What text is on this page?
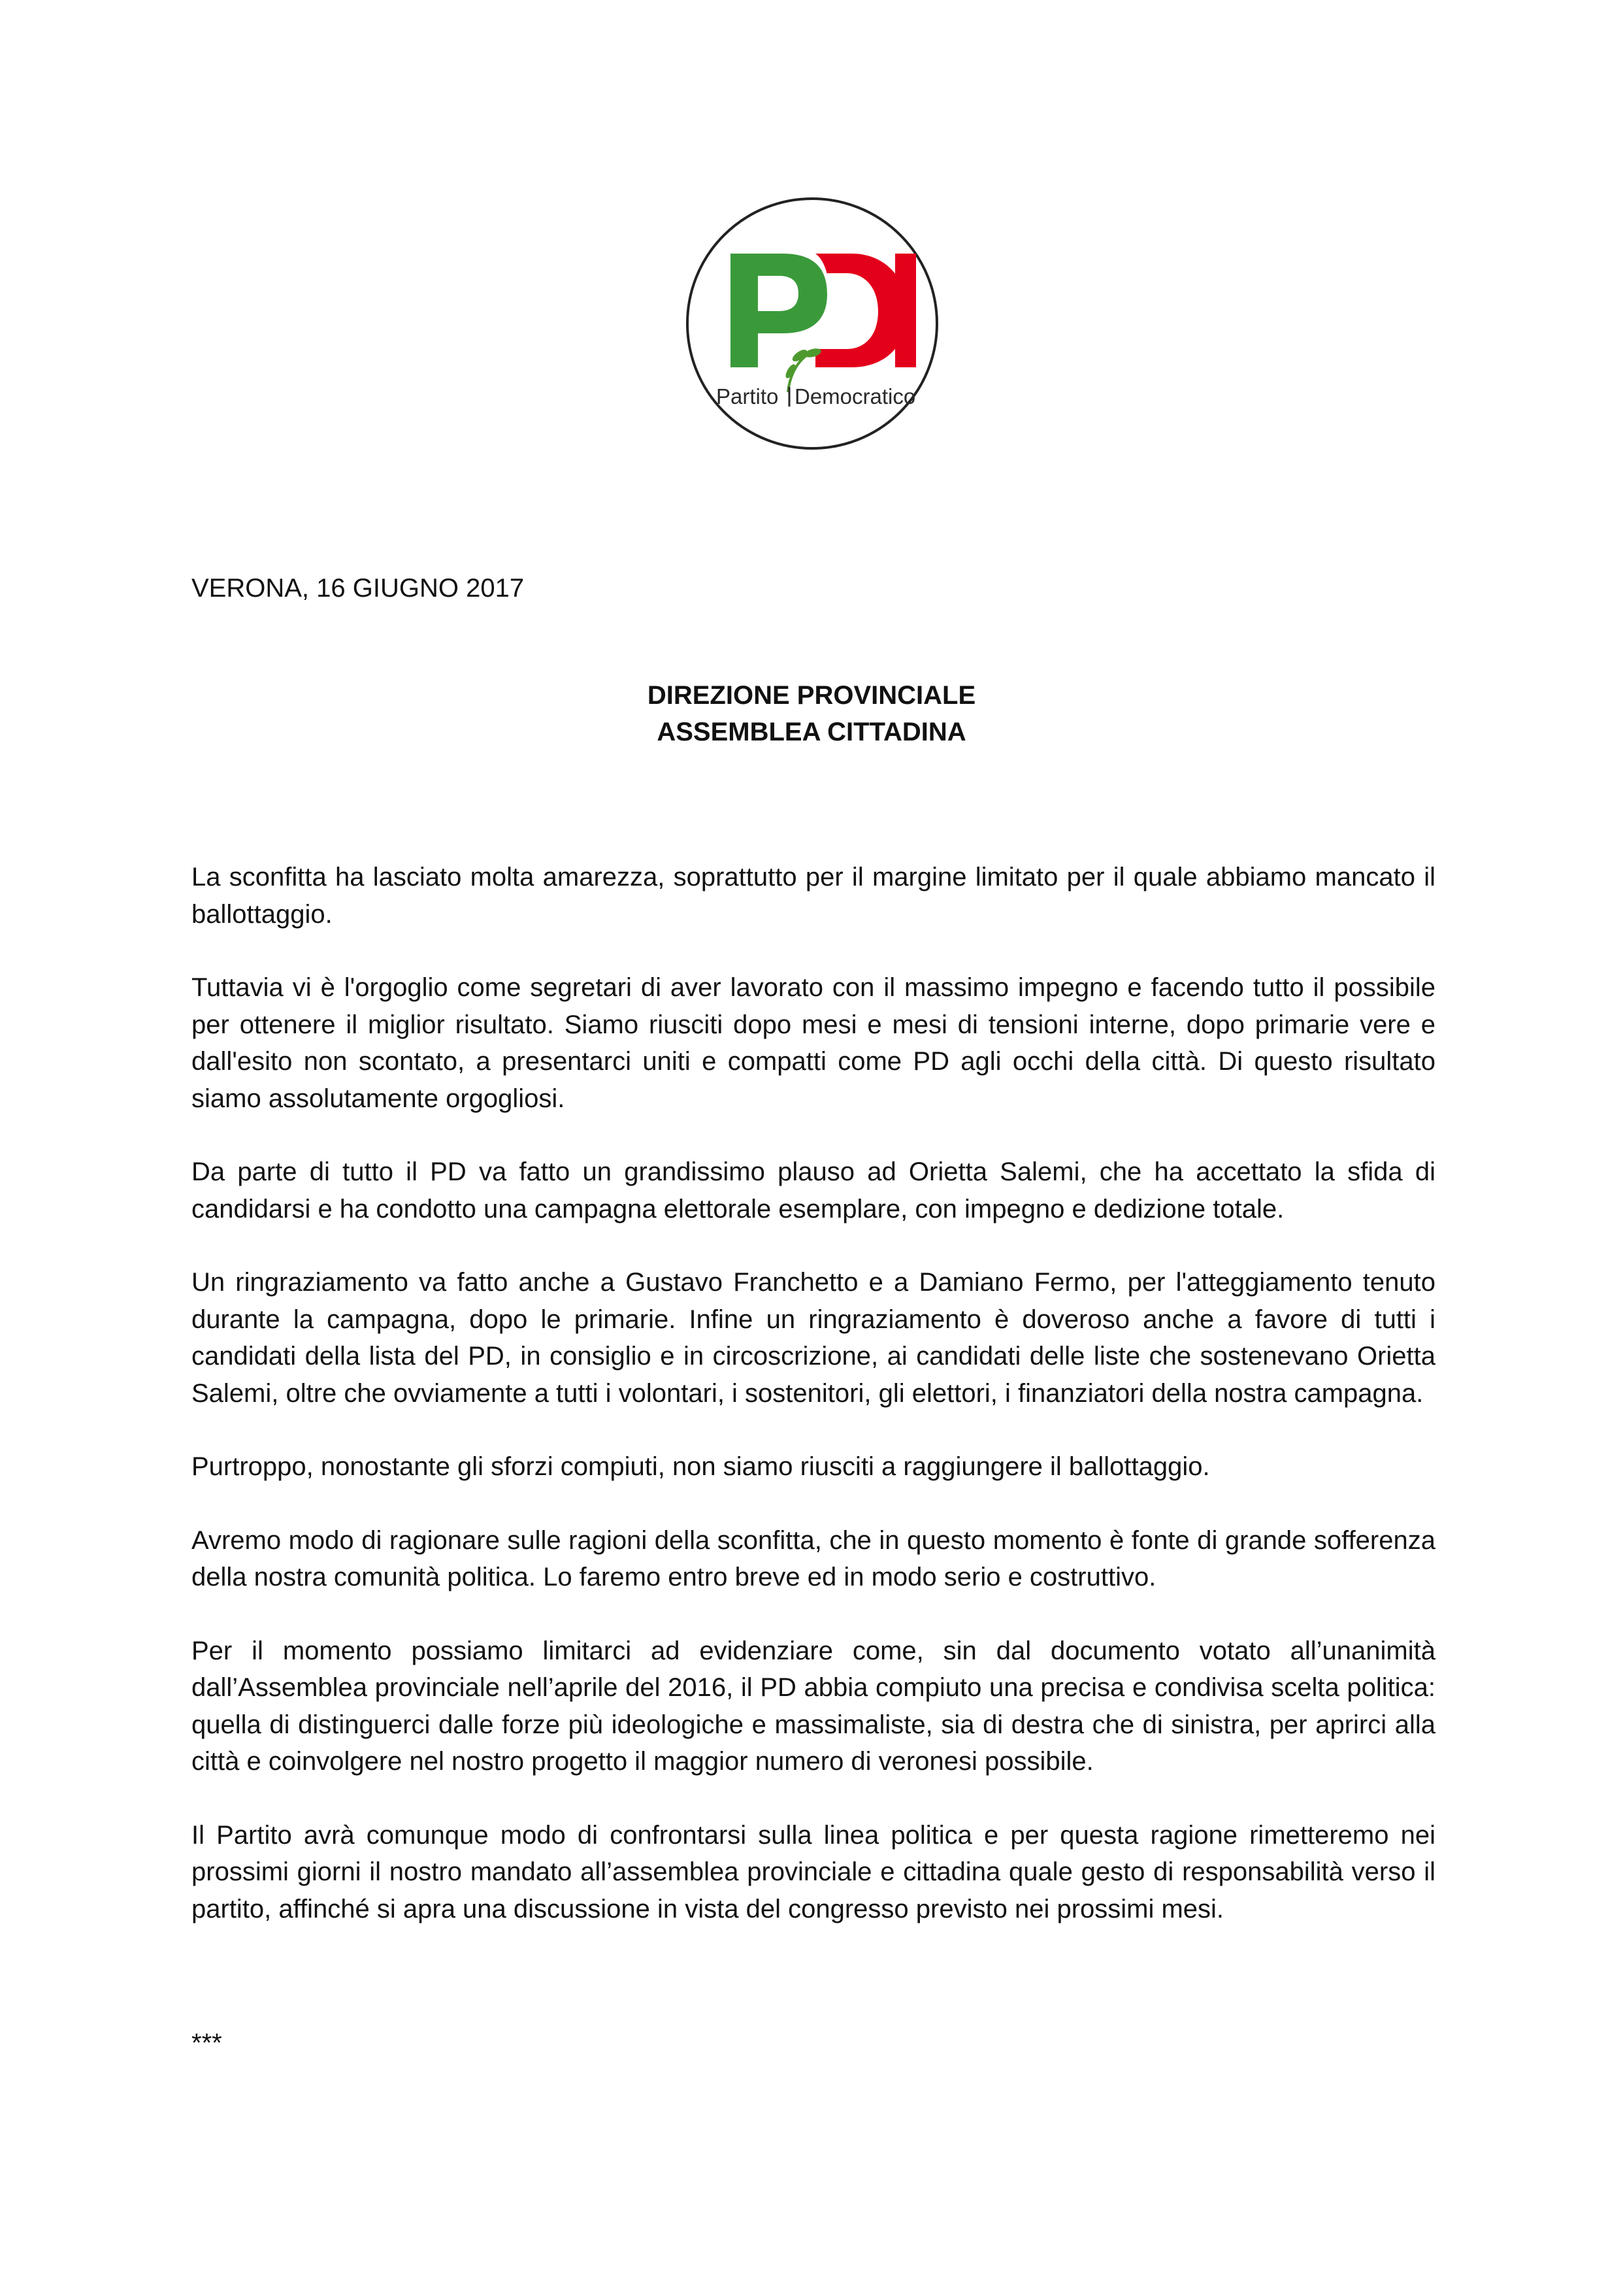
Partito Democratico
VERONA, 16 GIUGNO 2017
DIREZIONE PROVINCIALE
ASSEMBLEA CITTADINA

La sconfitta ha lasciato molta amarezza, soprattutto per il margine limitato per il quale abbiamo mancato il ballottaggio.

Tuttavia vi è l'orgoglio come segretari di aver lavorato con il massimo impegno e facendo tutto il possibile per ottenere il miglior risultato. Siamo riusciti dopo mesi e mesi di tensioni interne, dopo primarie vere e dall'esito non scontato, a presentarci uniti e compatti come PD agli occhi della città. Di questo risultato siamo assolutamente orgogliosi.

Da parte di tutto il PD va fatto un grandissimo plauso ad Orietta Salemi, che ha accettato la sfida di candidarsi e ha condotto una campagna elettorale esemplare, con impegno e dedizione totale.

Un ringraziamento va fatto anche a Gustavo Franchetto e a Damiano Fermo, per l'atteggiamento tenuto durante la campagna, dopo le primarie. Infine un ringraziamento è doveroso anche a favore di tutti i candidati della lista del PD, in consiglio e in circoscrizione, ai candidati delle liste che sostenevano Orietta Salemi, oltre che ovviamente a tutti i volontari, i sostenitori, gli elettori, i finanziatori della nostra campagna.

Purtroppo, nonostante gli sforzi compiuti, non siamo riusciti a raggiungere il ballottaggio.

Avremo modo di ragionare sulle ragioni della sconfitta, che in questo momento è fonte di grande sofferenza della nostra comunità politica. Lo faremo entro breve ed in modo serio e costruttivo.

Per il momento possiamo limitarci ad evidenziare come, sin dal documento votato all’unanimità dall’Assemblea provinciale nell’aprile del 2016, il PD abbia compiuto una precisa e condivisa scelta politica: quella di distinguerci dalle forze più ideologiche e massimaliste, sia di destra che di sinistra, per aprirci alla città e coinvolgere nel nostro progetto il maggior numero di veronesi possibile.

Il Partito avrà comunque modo di confrontarsi sulla linea politica e per questa ragione rimetteremo nei prossimi giorni il nostro mandato all’assemblea provinciale e cittadina quale gesto di responsabilità verso il partito, affinché si apra una discussione in vista del congresso previsto nei prossimi mesi.

***
